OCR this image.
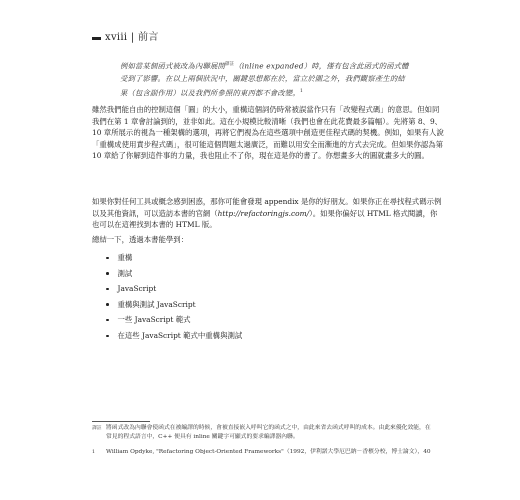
xviii | 前言
例如當某個函式被改為內聯展開$^{譯註}$（inline expanded）時，僅有包含此函式的函式體受到了影響。在以上兩個狀況中，關鍵思想都在於，當立於圍之外，我們觀察產生的結果（包含副作用）以及我們所參照的東西都不會改變。$^1$
雖然我們能自由的控制這個「圓」的大小，重構這個詞仍時常被誤當作只有「改變程式碼」的意思。但如同我們在第 1 章會討論到的，並非如此。這在小規模比較清晰（我們也會在此花費最多篇幅）。先將第 8、9、10 章所展示的視為一種架構的選項，再將它們視為在這些選項中創造更佳程式碼的契機。例如，如果有人說「重構成使用責步程式碼」，很可能這個問題太過廣泛，而難以用安全而漸進的方式去完成。但如果你認為第 10 章給了你解到這件事的力量，我也阻止不了你，現在這是你的書了。你想畫多大的圓就畫多大的圓。
如果你對任何工具或概念感到困惑，那你可能會發現 appendix 是你的好朋友。如果你正在尋找程式碼示例以及其他資訊，可以造訪本書的官網（http://refactoringjs.com/）。如果你偏好以 HTML 格式閱讀，你也可以在這裡找到本書的 HTML 版。
總結一下，透過本書能學到：
重構
測試
JavaScript
重構與測試 JavaScript
一些 JavaScript 範式
在這些 JavaScript 範式中重構與測試
譯註 將函式改為內聯會使函式在被編譯的時候，會被直接嵌入呼叫它的函式之中，由此來省去函式呼叫的成本。由此來優化效能，在常見的程式語言中，C++ 便具有 inline 關鍵字可顯式的要求編譯器內聯。
1 William Opdyke, "Refactoring Object-Oriented Frameworks"（1992，伊利諾大學厄巴納－香檳分校，博士論文），40
